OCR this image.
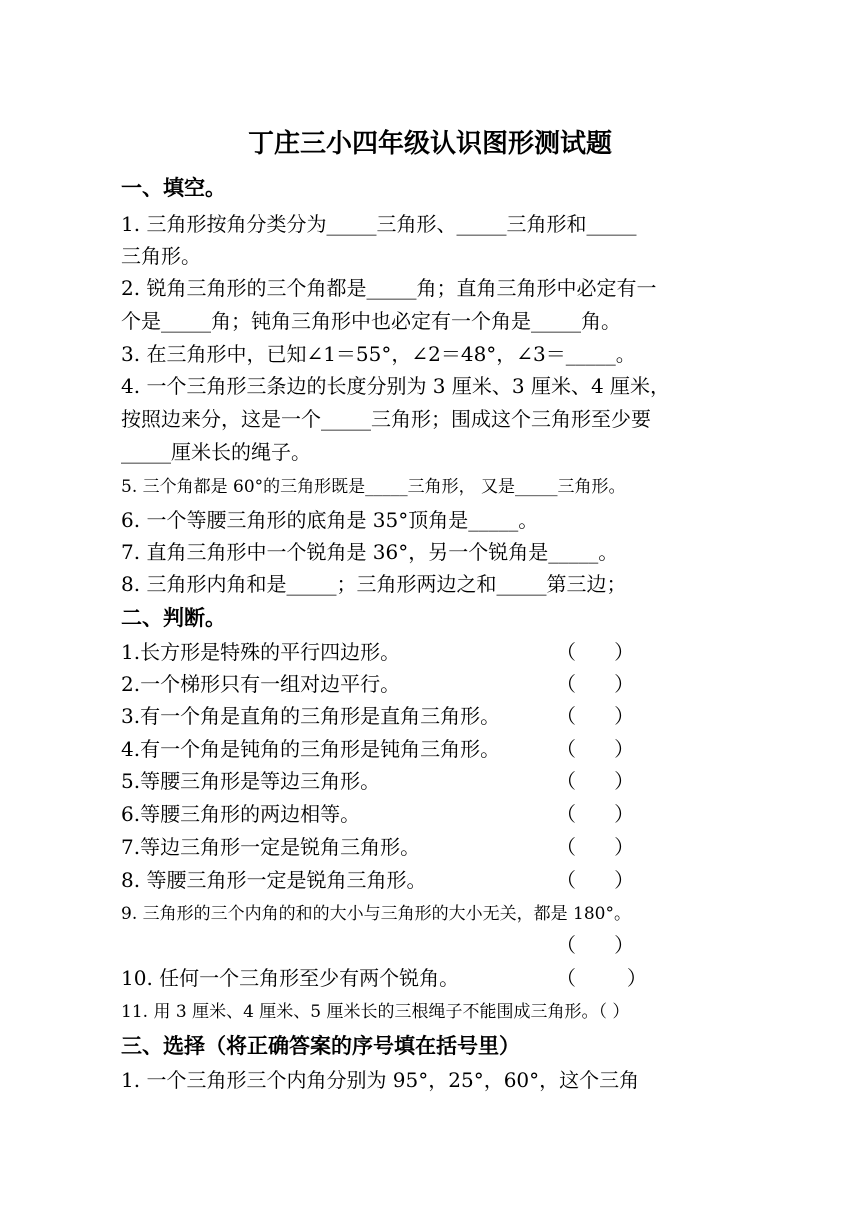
丁庄三小四年级认识图形测试题
一、填空。
1. 三角形按角分类分为_____三角形、_____三角形和_____
三角形。
2. 锐角三角形的三个角都是_____角；直角三角形中必定有一
个是_____角；钝角三角形中也必定有一个角是_____角。
3. 在三角形中，已知∠1＝55°，∠2＝48°，∠3＝_____。
4. 一个三角形三条边的长度分别为 3 厘米、3 厘米、4 厘米，
按照边来分，这是一个_____三角形；围成这个三角形至少要
_____厘米长的绳子。
5. 三个角都是 60°的三角形既是_____三角形， 又是_____三角形。
6. 一个等腰三角形的底角是 35°顶角是_____。
7. 直角三角形中一个锐角是 36°，另一个锐角是_____。
8. 三角形内角和是_____；三角形两边之和_____第三边；
二、判断。
1.长方形是特殊的平行四边形。	（      ）
2.一个梯形只有一组对边平行。	（      ）
3.有一个角是直角的三角形是直角三角形。	（      ）
4.有一个角是钝角的三角形是钝角三角形。	（      ）
5.等腰三角形是等边三角形。	（      ）
6.等腰三角形的两边相等。	（      ）
7.等边三角形一定是锐角三角形。	（      ）
8. 等腰三角形一定是锐角三角形。	（      ）
9. 三角形的三个内角的和的大小与三角形的大小无关，都是 180°。
（      ）
10. 任何一个三角形至少有两个锐角。	（        ）
11. 用 3 厘米、4 厘米、5 厘米长的三根绳子不能围成三角形。（ ）
三、选择（将正确答案的序号填在括号里）
1. 一个三角形三个内角分别为 95°，25°，60°，这个三角
